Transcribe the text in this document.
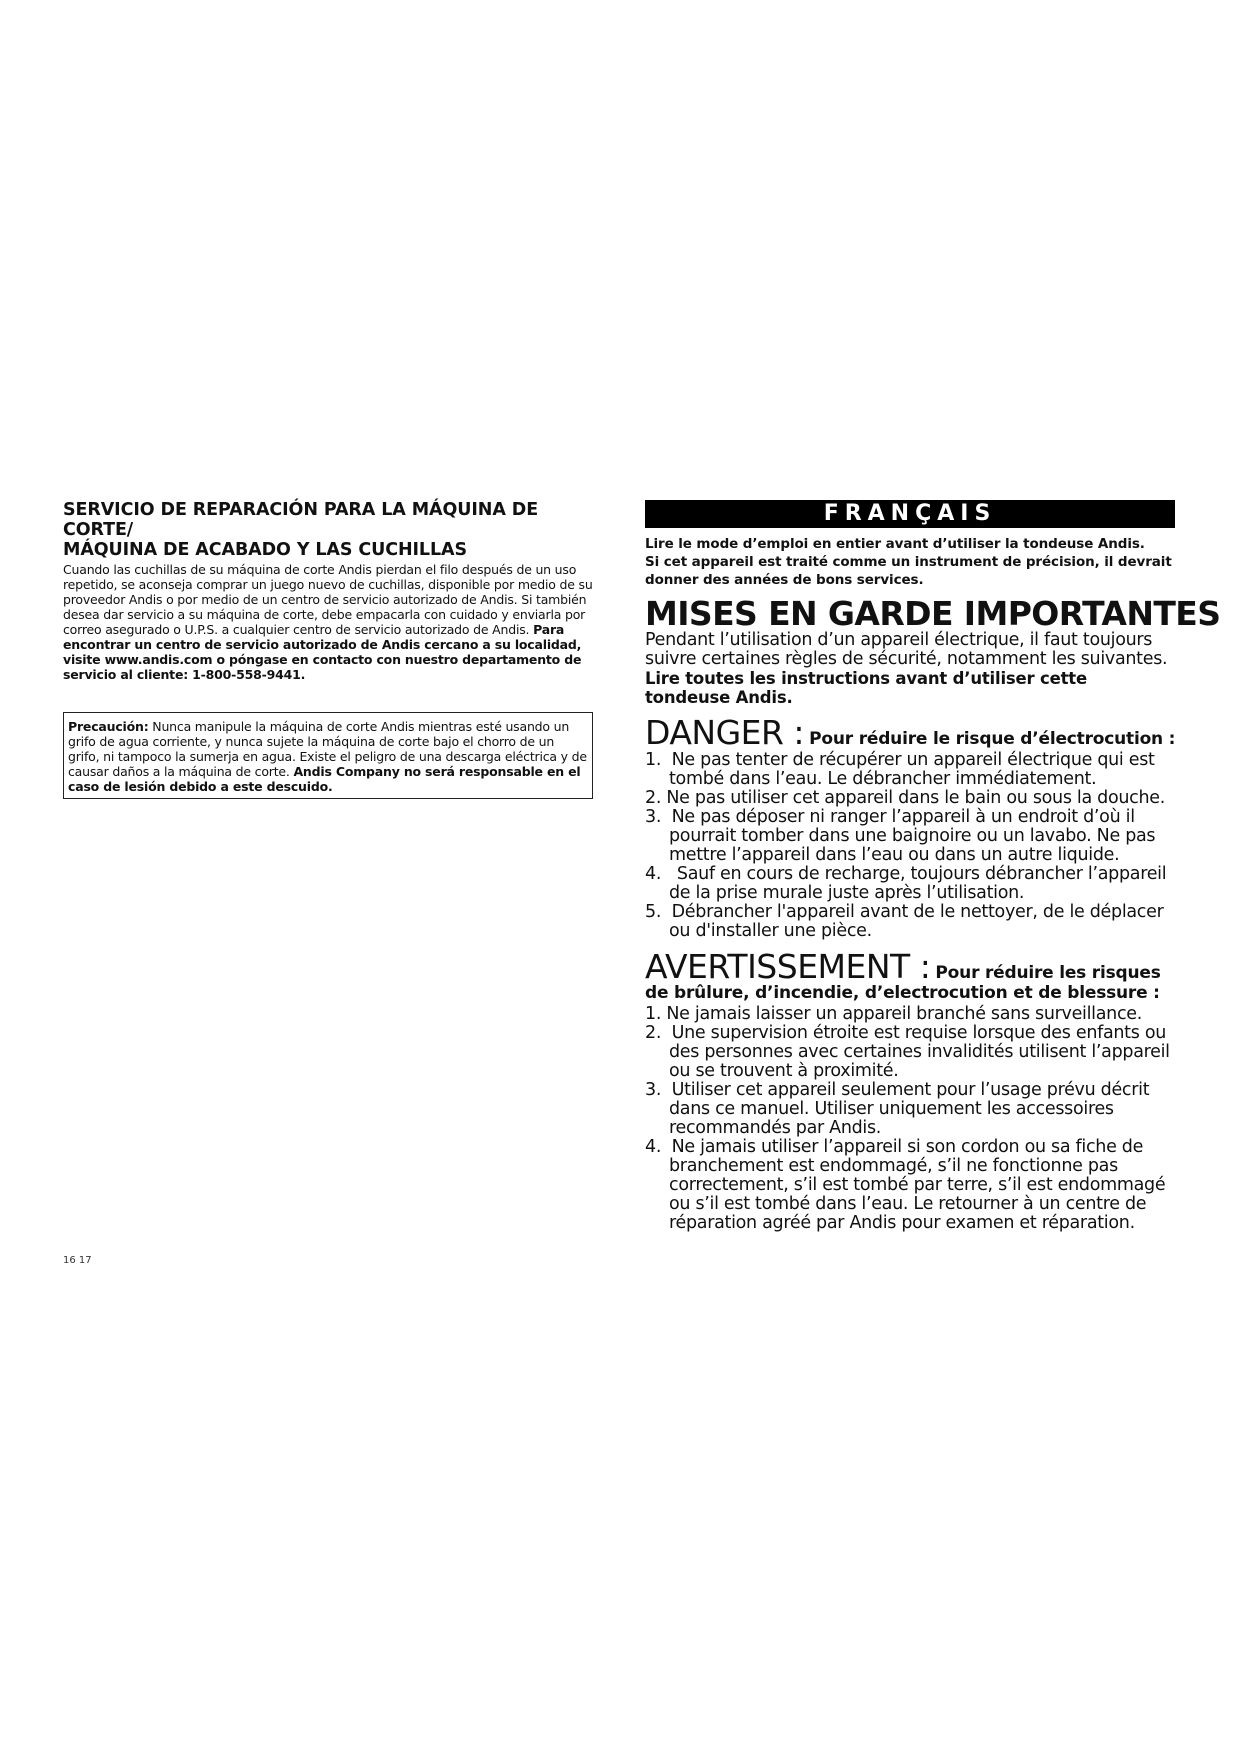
SERVICIO DE REPARACIÓN PARA LA MÁQUINA DE CORTE/
MÁQUINA DE ACABADO Y LAS CUCHILLAS
Cuando las cuchillas de su máquina de corte Andis pierdan el filo después de un uso repetido, se aconseja comprar un juego nuevo de cuchillas, disponible por medio de su proveedor Andis o por medio de un centro de servicio autorizado de Andis. Si también desea dar servicio a su máquina de corte, debe empacarla con cuidado y enviarla por correo asegurado o U.P.S. a cualquier centro de servicio autorizado de Andis. Para encontrar un centro de servicio autorizado de Andis cercano a su localidad, visite www.andis.com o póngase en contacto con nuestro departamento de servicio al cliente: 1-800-558-9441.
Precaución: Nunca manipule la máquina de corte Andis mientras esté usando un grifo de agua corriente, y nunca sujete la máquina de corte bajo el chorro de un grifo, ni tampoco la sumerja en agua. Existe el peligro de una descarga eléctrica y de causar daños a la máquina de corte. Andis Company no será responsable en el caso de lesión debido a este descuido.
16 17
FRANÇAIS
Lire le mode d’emploi en entier avant d’utiliser la tondeuse Andis.
Si cet appareil est traité comme un instrument de précision, il devrait donner des années de bons services.
MISES EN GARDE IMPORTANTES
Pendant l’utilisation d’un appareil électrique, il faut toujours suivre certaines règles de sécurité, notamment les suivantes.
Lire toutes les instructions avant d’utiliser cette tondeuse Andis.
DANGER : Pour réduire le risque d’électrocution :
1.  Ne pas tenter de récupérer un appareil électrique qui est tombé dans l’eau. Le débrancher immédiatement.
2. Ne pas utiliser cet appareil dans le bain ou sous la douche.
3.  Ne pas déposer ni ranger l’appareil à un endroit d’où il pourrait tomber dans une baignoire ou un lavabo. Ne pas mettre l’appareil dans l’eau ou dans un autre liquide.
4.   Sauf en cours de recharge, toujours débrancher l’appareil de la prise murale juste après l’utilisation.
5.  Débrancher l'appareil avant de le nettoyer, de le déplacer ou d'installer une pièce.
AVERTISSEMENT : Pour réduire les risques
de brûlure, d’incendie, d’electrocution et de blessure :
1. Ne jamais laisser un appareil branché sans surveillance.
2.  Une supervision étroite est requise lorsque des enfants ou des personnes avec certaines invalidités utilisent l’appareil ou se trouvent à proximité.
3.  Utiliser cet appareil seulement pour l’usage prévu décrit dans ce manuel. Utiliser uniquement les accessoires recommandés par Andis.
4.  Ne jamais utiliser l’appareil si son cordon ou sa fiche de branchement est endommagé, s’il ne fonctionne pas correctement, s’il est tombé par terre, s’il est endommagé ou s’il est tombé dans l’eau. Le retourner à un centre de réparation agréé par Andis pour examen et réparation.
